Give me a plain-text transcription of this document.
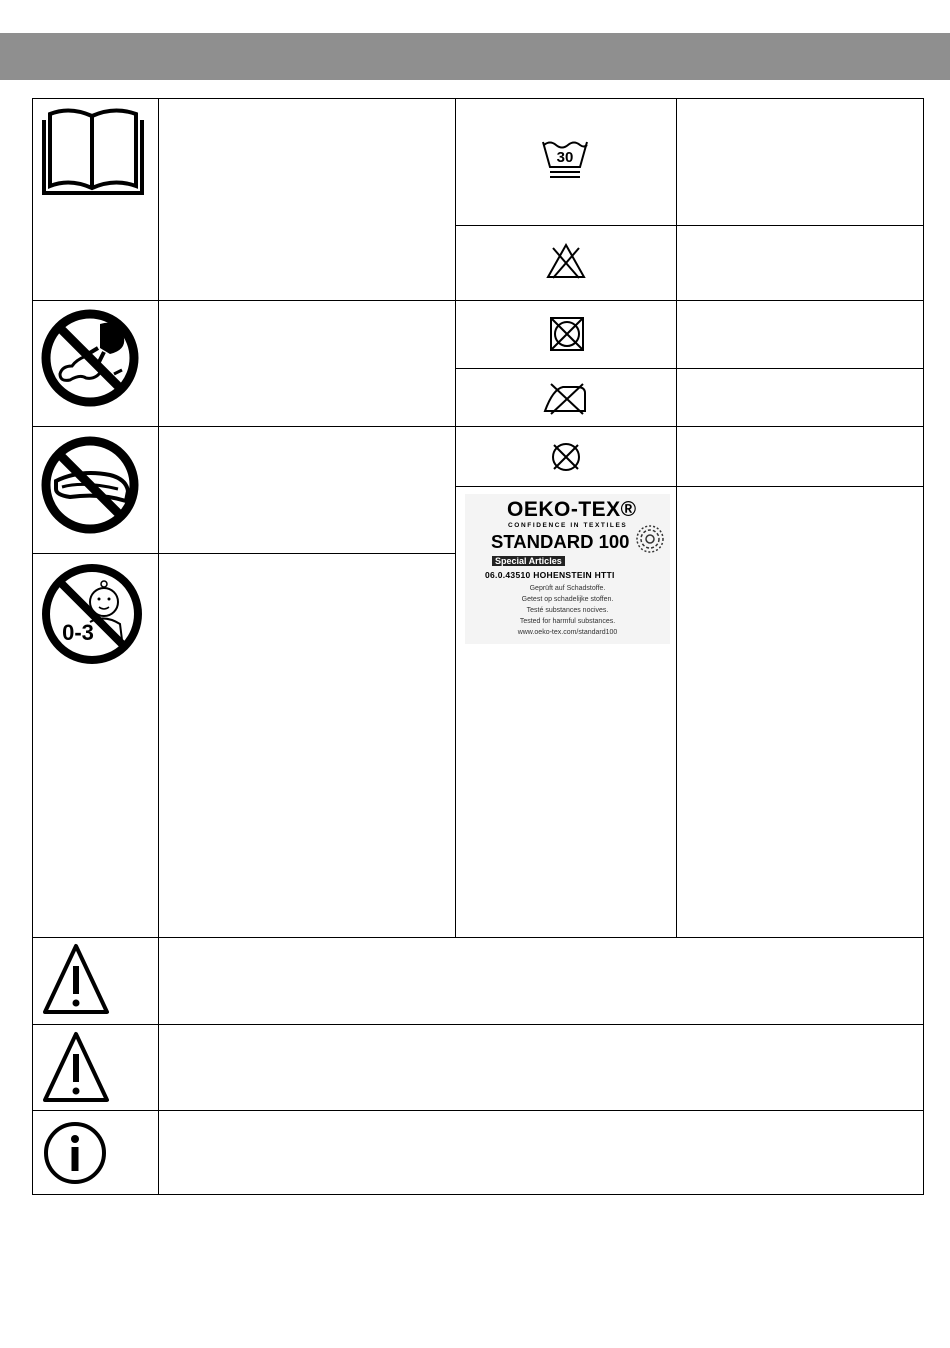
30
0-3
OEKO-TEX®
CONFIDENCE IN TEXTILES
STANDARD 100
Special Articles
06.0.43510 HOHENSTEIN HTTI
Geprüft auf Schadstoffe.
Getest op schadelijke stoffen.
Testé substances nocives.
Tested for harmful substances.
www.oeko-tex.com/standard100
